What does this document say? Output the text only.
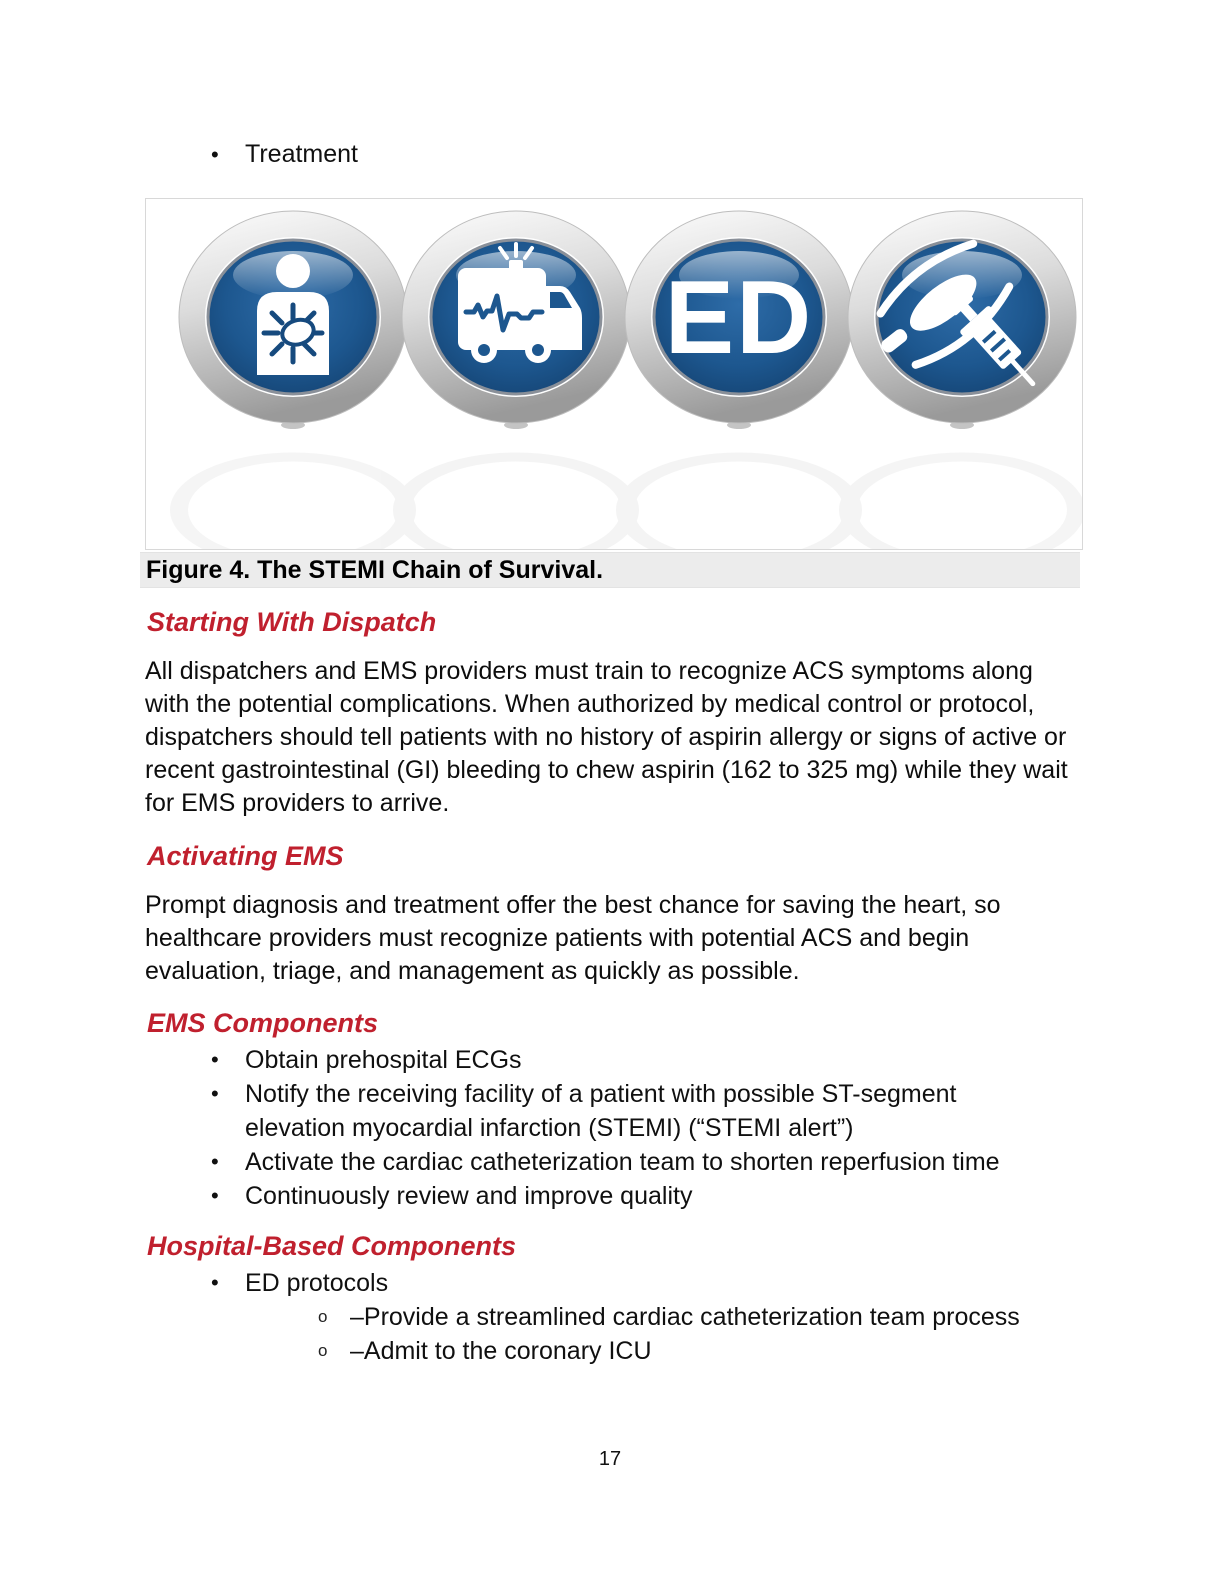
•	Treatment
ED
Figure 4. The STEMI Chain of Survival.
Starting With Dispatch

All dispatchers and EMS providers must train to recognize ACS symptoms along with the potential complications. When authorized by medical control or protocol, dispatchers should tell patients with no history of aspirin allergy or signs of active or recent gastrointestinal (GI) bleeding to chew aspirin (162 to 325 mg) while they wait for EMS providers to arrive.

Activating EMS

Prompt diagnosis and treatment offer the best chance for saving the heart, so healthcare providers must recognize patients with potential ACS and begin evaluation, triage, and management as quickly as possible.

EMS Components
•	Obtain prehospital ECGs
•	Notify the receiving facility of a patient with possible ST-segment elevation myocardial infarction (STEMI) (“STEMI alert”)
•	Activate the cardiac catheterization team to shorten reperfusion time
•	Continuously review and improve quality
Hospital-Based Components
•	ED protocols
o –Provide a streamlined cardiac catheterization team process
o –Admit to the coronary ICU
17
